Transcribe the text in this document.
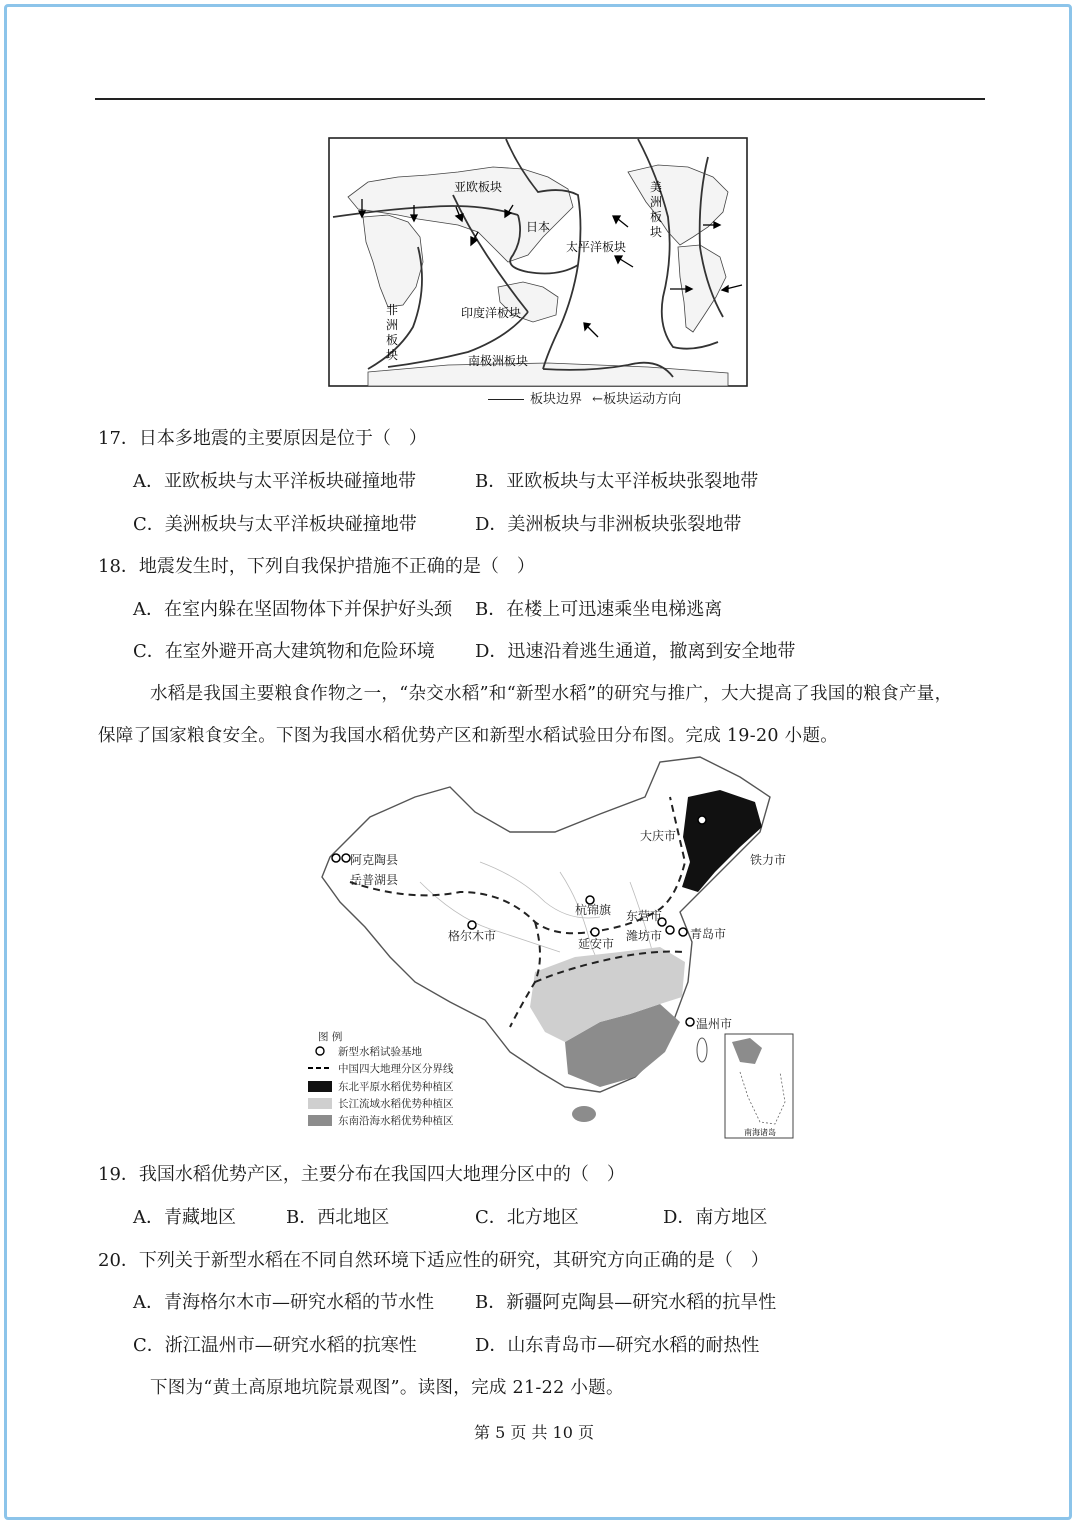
亚欧板块
非洲板块
日本
太平洋板块
美洲板块
印度洋板块
南极洲板块
板块边界 ←板块运动方向
17．日本多地震的主要原因是位于（　）
A．亚欧板块与太平洋板块碰撞地带	B．亚欧板块与太平洋板块张裂地带
C．美洲板块与太平洋板块碰撞地带	D．美洲板块与非洲板块张裂地带
18．地震发生时，下列自我保护措施不正确的是（　）
A．在室内躲在坚固物体下并保护好头颈 B．在楼上可迅速乘坐电梯逃离
C．在室外避开高大建筑物和危险环境 D．迅速沿着逃生通道，撤离到安全地带
水稻是我国主要粮食作物之一，“杂交水稻”和“新型水稻”的研究与推广，大大提高了我国的粮食产量，
保障了国家粮食安全。下图为我国水稻优势产区和新型水稻试验田分布图。完成 19-20 小题。
阿克陶县
岳普湖县
格尔木市
大庆市
铁力市
杭锦旗
延安市
东营市
潍坊市 青岛市
温州市
图 例
新型水稻试验基地
中国四大地理分区分界线
东北平原水稻优势种植区
长江流域水稻优势种植区
东南沿海水稻优势种植区
南海诸岛
19．我国水稻优势产区，主要分布在我国四大地理分区中的（　）
A．青藏地区	B．西北地区	C．北方地区	D．南方地区
20．下列关于新型水稻在不同自然环境下适应性的研究，其研究方向正确的是（　）
A．青海格尔木市—研究水稻的节水性 B．新疆阿克陶县—研究水稻的抗旱性
C．浙江温州市—研究水稻的抗寒性	D．山东青岛市—研究水稻的耐热性
下图为“黄土高原地坑院景观图”。读图，完成 21-22 小题。
第 5 页 共 10 页
